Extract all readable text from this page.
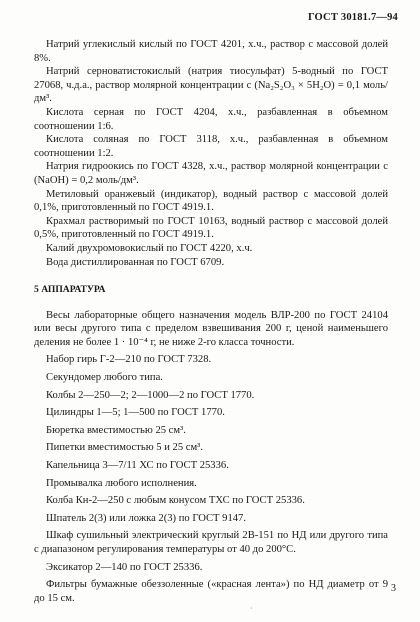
ГОСТ 30181.7—94

Натрий углекислый кислый по ГОСТ 4201, х.ч., раствор с массовой долей 8%.

Натрий серноватистокислый (натрия тиосульфат) 5-водный по ГОСТ 27068, ч.д.а., раствор молярной концентрации c (Na₂S₂O₃ × 5H₂O) = 0,1 моль/дм³.

Кислота серная по ГОСТ 4204, х.ч., разбавленная в объемном соотношении 1:6.

Кислота соляная по ГОСТ 3118, х.ч., разбавленная в объемном соотношении 1:2.

Натрия гидроокись по ГОСТ 4328, х.ч., раствор молярной концентрации c (NaOH) = 0,2 моль/дм³.

Метиловый оранжевый (индикатор), водный раствор с массовой долей 0,1%, приготовленный по ГОСТ 4919.1.

Крахмал растворимый по ГОСТ 10163, водный раствор с массовой долей 0,5%, приготовленный по ГОСТ 4919.1.

Калий двухромовокислый по ГОСТ 4220, х.ч.

Вода дистиллированная по ГОСТ 6709.

5 АППАРАТУРА

Весы лабораторные общего назначения модель ВЛР-200 по ГОСТ 24104 или весы другого типа с пределом взвешивания 200 г, ценой наименьшего деления не более 1 · 10⁻⁴ г, не ниже 2-го класса точности.

Набор гирь Г-2—210 по ГОСТ 7328.

Секундомер любого типа.

Колбы 2—250—2; 2—1000—2 по ГОСТ 1770.

Цилиндры 1—5; 1—500 по ГОСТ 1770.

Бюретка вместимостью 25 см³.

Пипетки вместимостью 5 и 25 см³.

Капельница 3—7/11 ХС по ГОСТ 25336.

Промывалка любого исполнения.

Колба Кн-2—250 с любым конусом ТХС по ГОСТ 25336.

Шпатель 2(3) или ложка 2(3) по ГОСТ 9147.

Шкаф сушильный электрический круглый 2В-151 по НД или другого типа с диапазоном регулирования температуры от 40 до 200°С.

Эксикатор 2—140 по ГОСТ 25336.

Фильтры бумажные обеззоленные («красная лента») по НД диаметр от 9 до 15 см.

3
·
